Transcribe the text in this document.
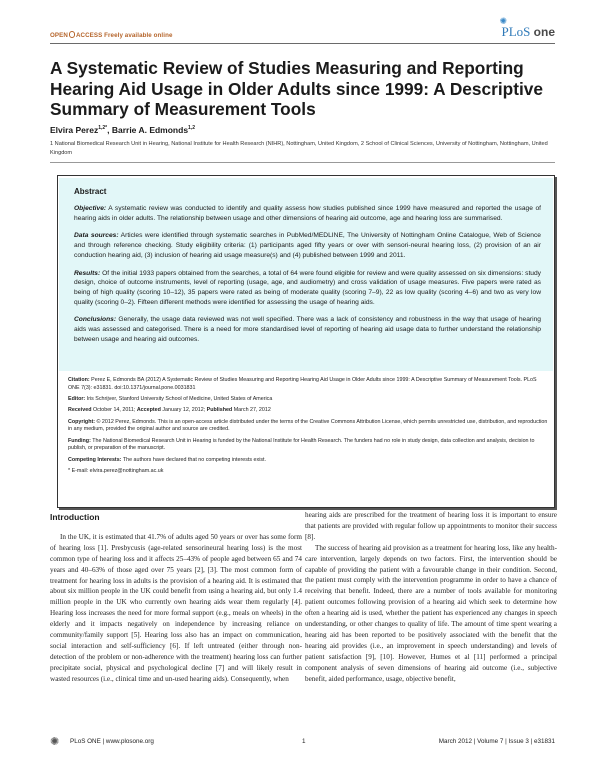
OPEN ACCESS Freely available online
✺
PLoS one
A Systematic Review of Studies Measuring and Reporting Hearing Aid Usage in Older Adults since 1999: A Descriptive Summary of Measurement Tools
Elvira Perez$^{1,2*}$, Barrie A. Edmonds$^{1,2}$
1 National Biomedical Research Unit in Hearing, National Institute for Health Research (NIHR), Nottingham, United Kingdom, 2 School of Clinical Sciences, University of Nottingham, Nottingham, United Kingdom
Abstract

Objective: A systematic review was conducted to identify and quality assess how studies published since 1999 have measured and reported the usage of hearing aids in older adults. The relationship between usage and other dimensions of hearing aid outcome, age and hearing loss are summarised.

Data sources: Articles were identified through systematic searches in PubMed/MEDLINE, The University of Nottingham Online Catalogue, Web of Science and through reference checking. Study eligibility criteria: (1) participants aged fifty years or over with sensori-neural hearing loss, (2) provision of an air conduction hearing aid, (3) inclusion of hearing aid usage measure(s) and (4) published between 1999 and 2011.

Results: Of the initial 1933 papers obtained from the searches, a total of 64 were found eligible for review and were quality assessed on six dimensions: study design, choice of outcome instruments, level of reporting (usage, age, and audiometry) and cross validation of usage measures. Five papers were rated as being of high quality (scoring 10–12), 35 papers were rated as being of moderate quality (scoring 7–9), 22 as low quality (scoring 4–6) and two as very low quality (scoring 0–2). Fifteen different methods were identified for assessing the usage of hearing aids.

Conclusions: Generally, the usage data reviewed was not well specified. There was a lack of consistency and robustness in the way that usage of hearing aids was assessed and categorised. There is a need for more standardised level of reporting of hearing aid usage data to further understand the relationship between usage and hearing aid outcomes.

Citation: Perez E, Edmonds BA (2012) A Systematic Review of Studies Measuring and Reporting Hearing Aid Usage in Older Adults since 1999: A Descriptive Summary of Measurement Tools. PLoS ONE 7(3): e31831. doi:10.1371/journal.pone.0031831

Editor: Iris Schrijver, Stanford University School of Medicine, United States of America

Received October 14, 2011; Accepted January 12, 2012; Published March 27, 2012

Copyright: © 2012 Perez, Edmonds. This is an open-access article distributed under the terms of the Creative Commons Attribution License, which permits unrestricted use, distribution, and reproduction in any medium, provided the original author and source are credited.

Funding: The National Biomedical Research Unit in Hearing is funded by the National Institute for Health Research. The funders had no role in study design, data collection and analysis, decision to publish, or preparation of the manuscript.

Competing Interests: The authors have declared that no competing interests exist.

* E-mail: elvira.perez@nottingham.ac.uk

Introduction

In the UK, it is estimated that 41.7% of adults aged 50 years or over has some form of hearing loss [1]. Presbycusis (age-related sensorineural hearing loss) is the most common type of hearing loss and it affects 25–43% of people aged between 65 and 74 years and 40–63% of those aged over 75 years [2], [3]. The most common form of treatment for hearing loss in adults is the provision of a hearing aid. It is estimated that about six million people in the UK could benefit from using a hearing aid, but only 1.4 million people in the UK who currently own hearing aids wear them regularly [4]. Hearing loss increases the need for more formal support (e.g., meals on wheels) in the elderly and it impacts negatively on independence by increasing reliance on community/family support [5]. Hearing loss also has an impact on communication, social interaction and self-sufficiency [6]. If left untreated (either through non-detection of the problem or non-adherence with the treatment) hearing loss can further precipitate social, physical and psychological decline [7] and will likely result in wasted resources (i.e., clinical time and un-used hearing aids). Consequently, when

hearing aids are prescribed for the treatment of hearing loss it is important to ensure that patients are provided with regular follow up appointments to monitor their success [8].

The success of hearing aid provision as a treatment for hearing loss, like any health-care intervention, largely depends on two factors. First, the intervention should be capable of providing the patient with a favourable change in their condition. Second, the patient must comply with the intervention programme in order to have a chance of receiving that benefit. Indeed, there are a number of tools available for monitoring patient outcomes following provision of a hearing aid which seek to determine how often a hearing aid is used, whether the patient has experienced any changes in speech understanding, or other changes to quality of life. The amount of time spent wearing a hearing aid has been reported to be positively associated with the benefit that the hearing aid provides (i.e., an improvement in speech understanding) and levels of patient satisfaction [9], [10]. However, Humes et al [11] performed a principal component analysis of seven dimensions of hearing aid outcome (i.e., subjective benefit, aided performance, usage, objective benefit,

✺ PLoS ONE | www.plosone.org	1	March 2012 | Volume 7 | Issue 3 | e31831
